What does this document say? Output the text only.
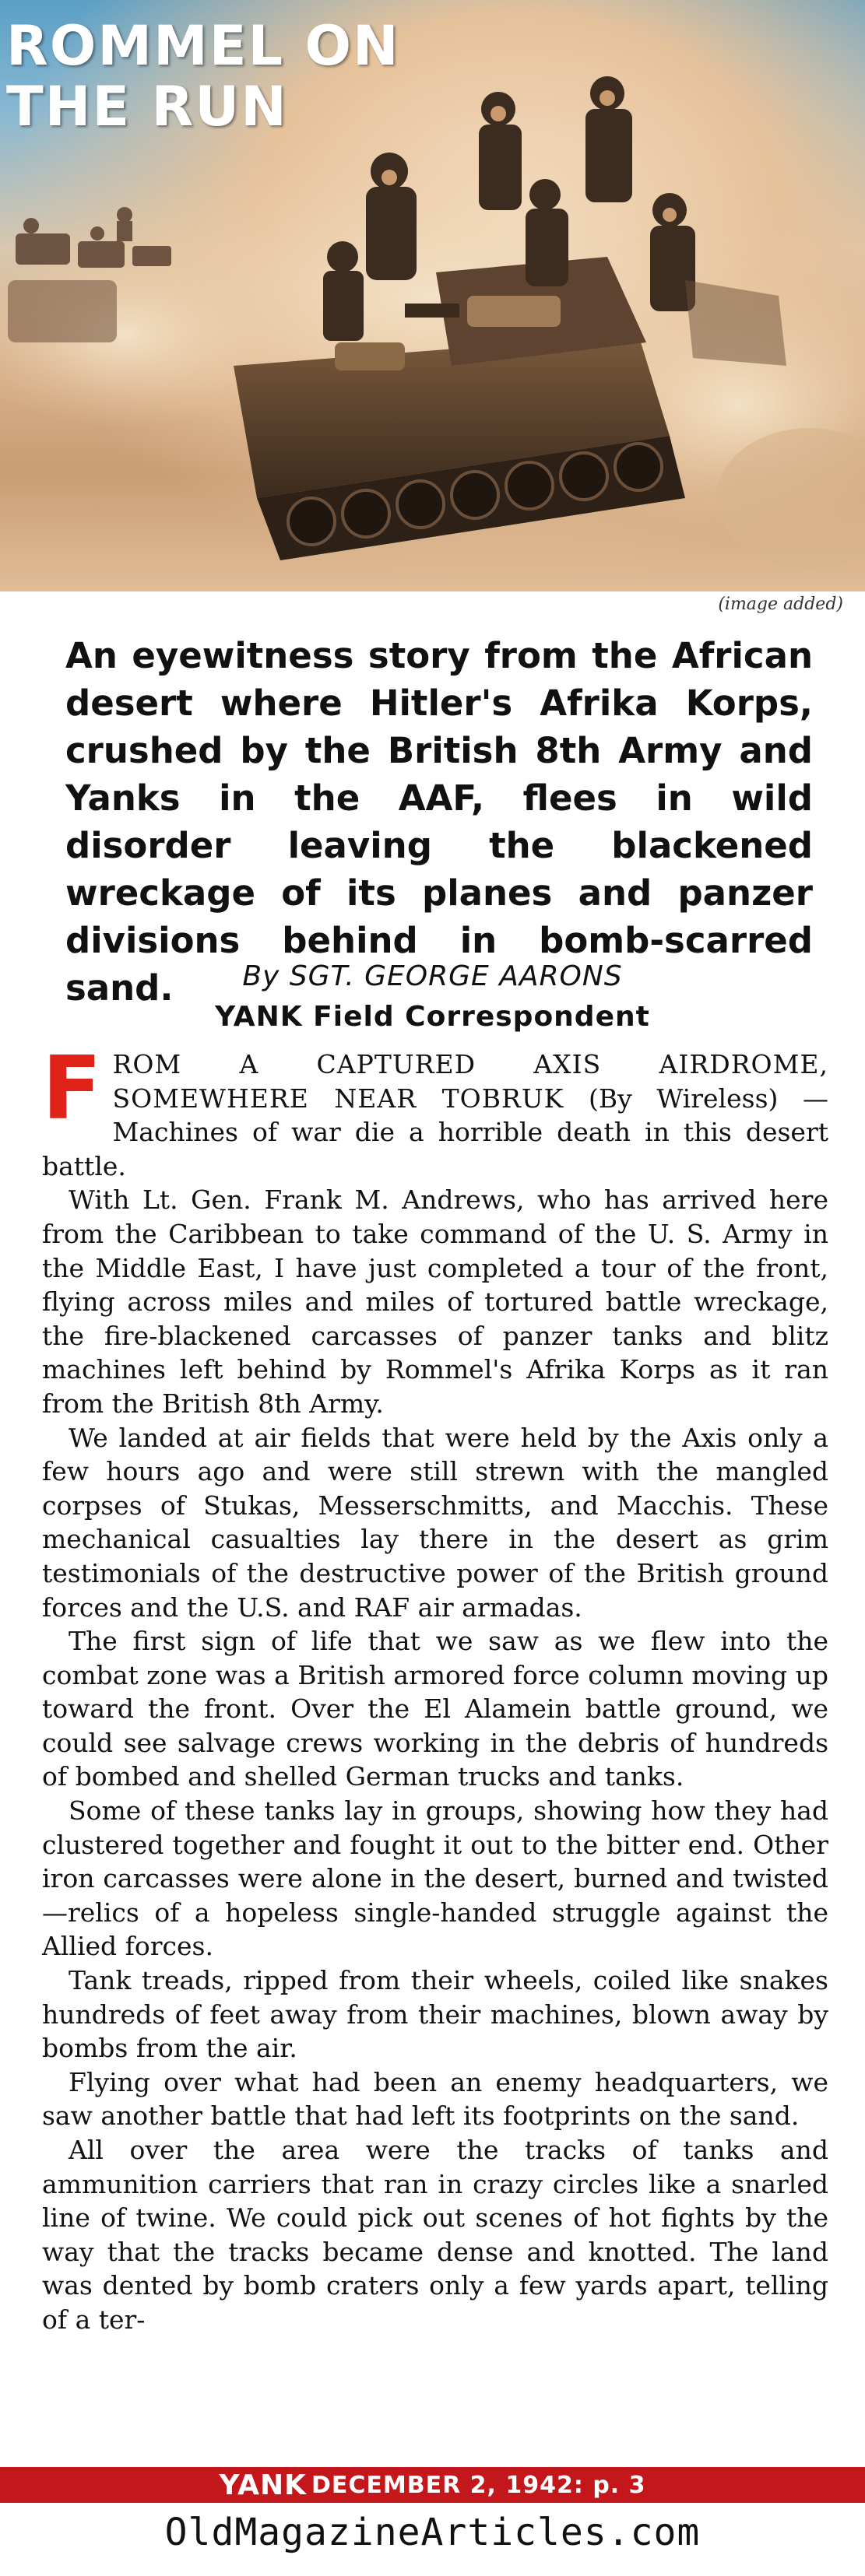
ROMMEL ON
THE RUN
(image added)
An eyewitness story from the African desert where Hitler's Afrika Korps, crushed by the British 8th Army and Yanks in the AAF, flees in wild disorder leaving the blackened wreckage of its planes and panzer divisions behind in bomb-scarred sand.	By SGT. GEORGE AARONS
YANK Field Correspondent

FROM A CAPTURED AXIS AIRDROME, SOMEWHERE NEAR TOBRUK (By Wireless) — Machines of war die a horrible death in this desert battle.

With Lt. Gen. Frank M. Andrews, who has arrived here from the Caribbean to take command of the U. S. Army in the Middle East, I have just completed a tour of the front, flying across miles and miles of tortured battle wreckage, the fire-blackened carcasses of panzer tanks and blitz machines left behind by Rommel's Afrika Korps as it ran from the British 8th Army.

We landed at air fields that were held by the Axis only a few hours ago and were still strewn with the mangled corpses of Stukas, Messerschmitts, and Macchis. These mechanical casualties lay there in the desert as grim testimonials of the destructive power of the British ground forces and the U.S. and RAF air armadas.

The first sign of life that we saw as we flew into the combat zone was a British armored force column moving up toward the front. Over the El Alamein battle ground, we could see salvage crews working in the debris of hundreds of bombed and shelled German trucks and tanks.

Some of these tanks lay in groups, showing how they had clustered together and fought it out to the bitter end. Other iron carcasses were alone in the desert, burned and twisted—relics of a hopeless single-handed struggle against the Allied forces.

Tank treads, ripped from their wheels, coiled like snakes hundreds of feet away from their machines, blown away by bombs from the air.

Flying over what had been an enemy headquarters, we saw another battle that had left its footprints on the sand.

All over the area were the tracks of tanks and ammunition carriers that ran in crazy circles like a snarled line of twine. We could pick out scenes of hot fights by the way that the tracks became dense and knotted. The land was dented by bomb craters only a few yards apart, telling of a ter-

YANK DECEMBER 2, 1942: p. 3
OldMagazineArticles.com
